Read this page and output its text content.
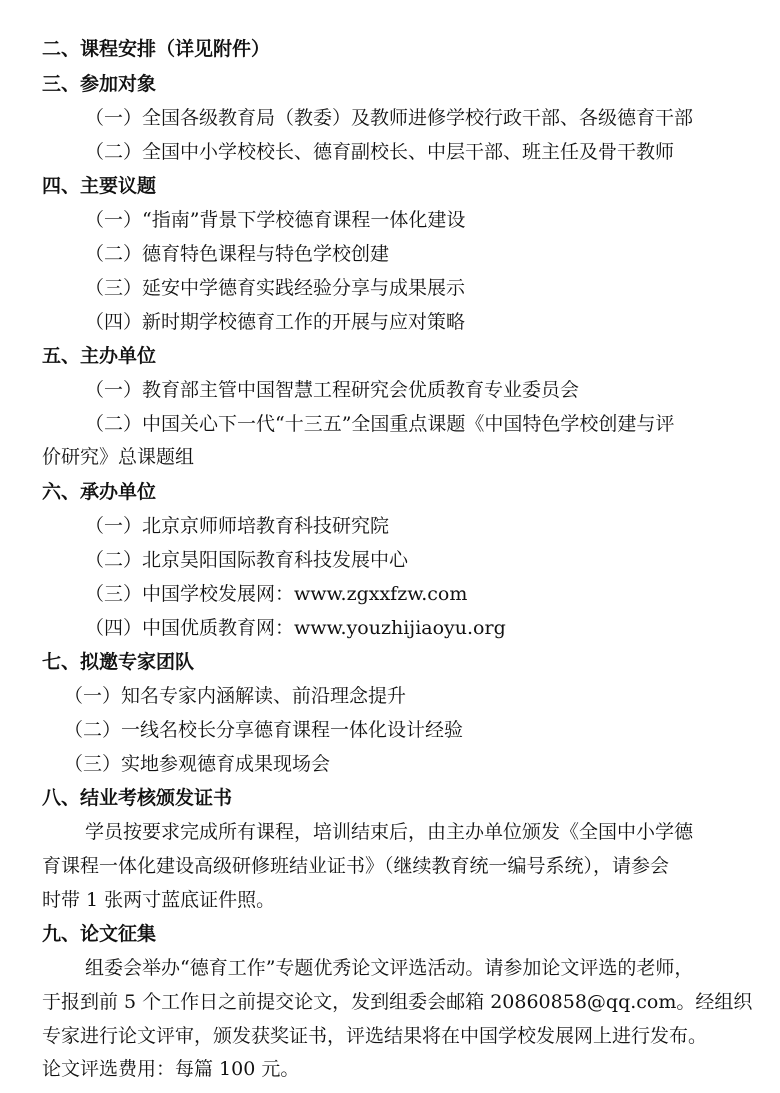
二、课程安排（详见附件）
三、参加对象
（一）全国各级教育局（教委）及教师进修学校行政干部、各级德育干部
（二）全国中小学校校长、德育副校长、中层干部、班主任及骨干教师
四、主要议题
（一）“指南”背景下学校德育课程一体化建设
（二）德育特色课程与特色学校创建
（三）延安中学德育实践经验分享与成果展示
（四）新时期学校德育工作的开展与应对策略
五、主办单位
（一）教育部主管中国智慧工程研究会优质教育专业委员会
（二）中国关心下一代“十三五”全国重点课题《中国特色学校创建与评
价研究》总课题组
六、承办单位
（一）北京京师师培教育科技研究院
（二）北京昊阳国际教育科技发展中心
（三）中国学校发展网：www.zgxxfzw.com
（四）中国优质教育网：www.youzhijiaoyu.org
七、拟邀专家团队
（一）知名专家内涵解读、前沿理念提升
（二）一线名校长分享德育课程一体化设计经验
（三）实地参观德育成果现场会
八、结业考核颁发证书
学员按要求完成所有课程，培训结束后，由主办单位颁发《全国中小学德
育课程一体化建设高级研修班结业证书》（继续教育统一编号系统），请参会
时带 1 张两寸蓝底证件照。
九、论文征集
组委会举办“德育工作”专题优秀论文评选活动。请参加论文评选的老师，
于报到前 5 个工作日之前提交论文，发到组委会邮箱 20860858@qq.com。经组织
专家进行论文评审，颁发获奖证书，评选结果将在中国学校发展网上进行发布。
论文评选费用：每篇 100 元。
